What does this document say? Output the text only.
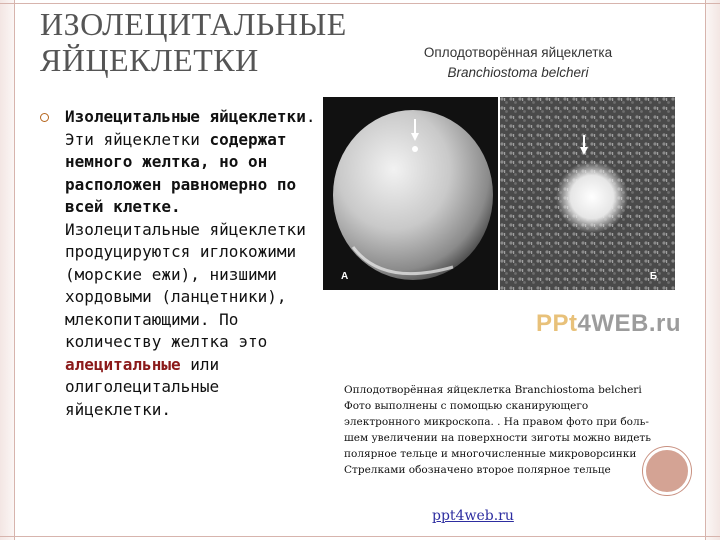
ИЗОЛЕЦИТАЛЬНЫЕ
ЯЙЦЕКЛЕТКИ
Изолецитальные яйцеклетки. Эти яйцеклетки содержат немного желтка, но он расположен равномерно по всей клетке. Изолецитальные яйцеклетки продуцируются иглокожими (морские ежи), низшими хордовыми (ланцетники), млекопитающими. По количеству желтка это алецитальные или олиголецитальные яйцеклетки.
Оплодотворённая яйцеклетка
Branchiostoma belcheri
А	Б
PPt4WEB.ru
Оплодотворённая яйцеклетка Branchiostoma belcheri Фото выполнены с помощью сканирующего электронного микроскопа. . На правом фото при боль- шем увеличении на поверхности зиготы можно видеть полярное тельце и многочисленные микроворсинки Стрелками обозначено второе полярное тельце
ppt4web.ru
